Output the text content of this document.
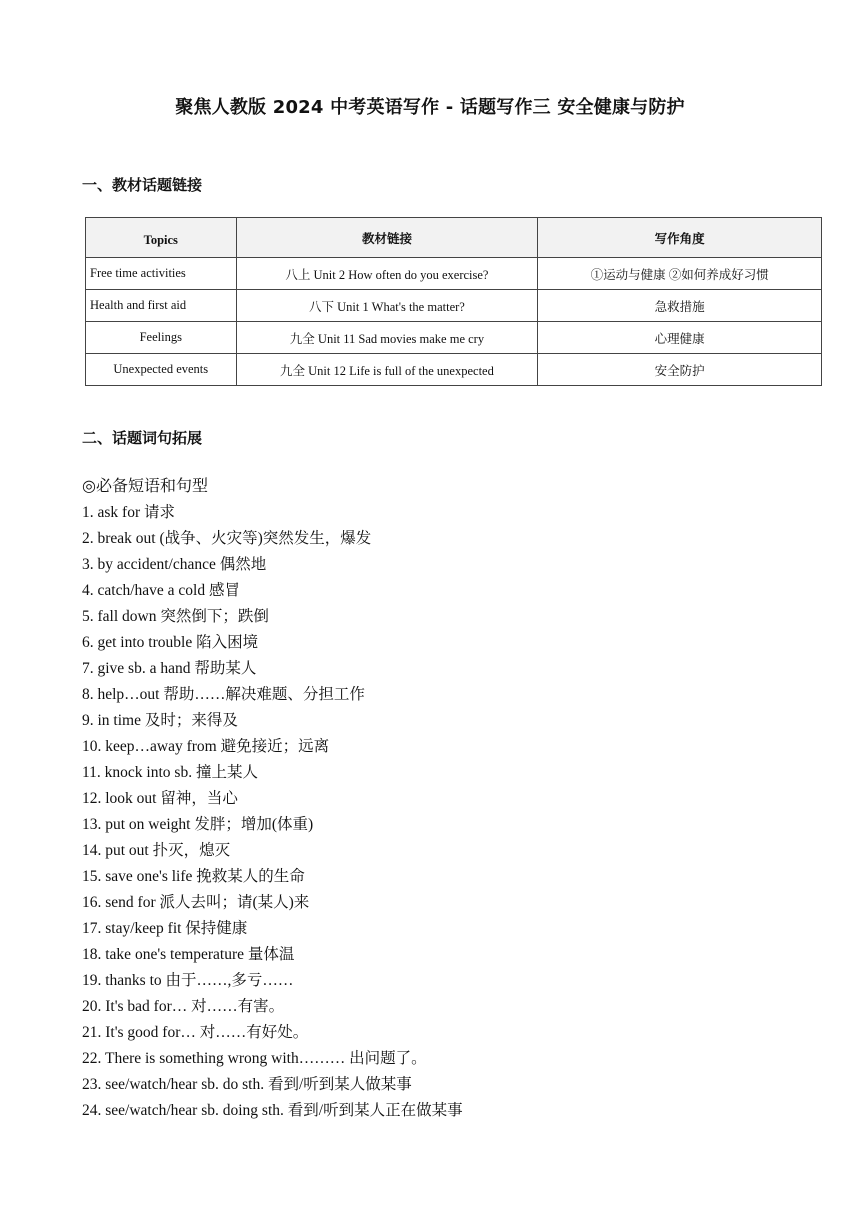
聚焦人教版 2024 中考英语写作 - 话题写作三 安全健康与防护
一、教材话题链接
Topics	教材链接	写作角度
Free time activities	八上 Unit 2 How often do you exercise?	①运动与健康 ②如何养成好习惯
Health and first aid	八下 Unit 1 What's the matter?	急救措施
Feelings	九全 Unit 11 Sad movies make me cry	心理健康
Unexpected events	九全 Unit 12 Life is full of the unexpected	安全防护
二、话题词句拓展
◎必备短语和句型
1. ask for 请求
2. break out (战争、火灾等)突然发生，爆发
3. by accident/chance 偶然地
4. catch/have a cold 感冒
5. fall down 突然倒下；跌倒
6. get into trouble 陷入困境
7. give sb. a hand 帮助某人
8. help…out 帮助……解决难题、分担工作
9. in time 及时；来得及
10. keep…away from 避免接近；远离
11. knock into sb. 撞上某人
12. look out 留神，当心
13. put on weight 发胖；增加(体重)
14. put out 扑灭，熄灭
15. save one's life 挽救某人的生命
16. send for 派人去叫；请(某人)来
17. stay/keep fit 保持健康
18. take one's temperature 量体温
19. thanks to 由于……,多亏……
20. It's bad for… 对……有害。
21. It's good for… 对……有好处。
22. There is something wrong with……… 出问题了。
23. see/watch/hear sb. do sth. 看到/听到某人做某事
24. see/watch/hear sb. doing sth. 看到/听到某人正在做某事
